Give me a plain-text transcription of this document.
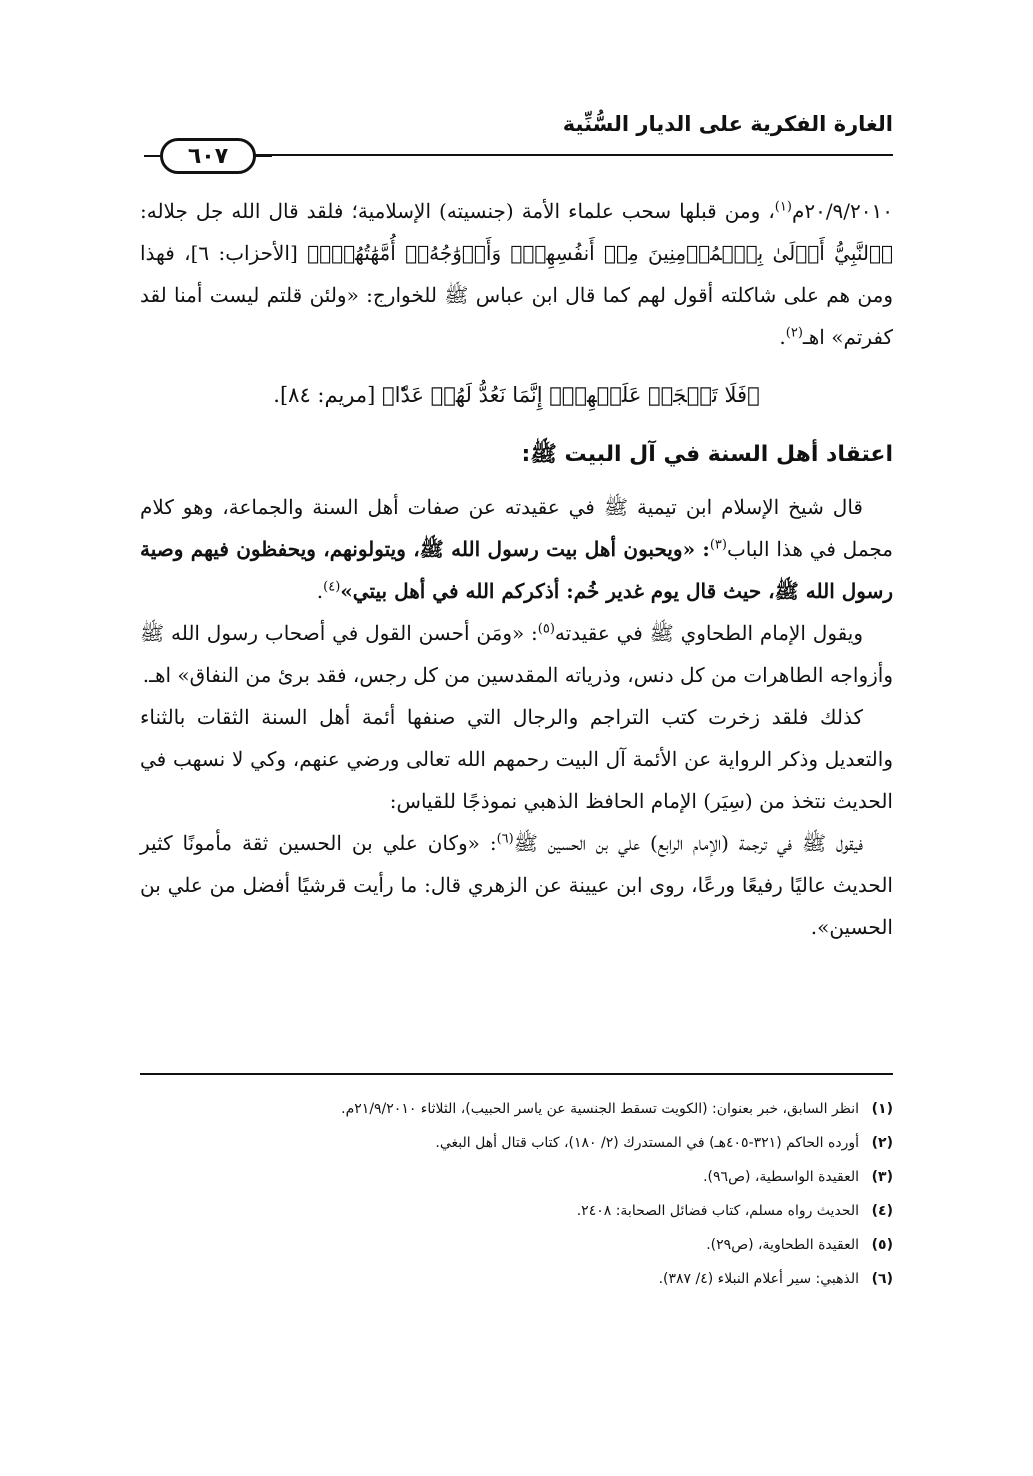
الغارة الفكرية على الديار السُّنِّية
٦٠٧

٢٠/٩/٢٠١٠م$^{(١)}$، ومن قبلها سحب علماء الأمة (جنسيته) الإسلامية؛ فلقد قال الله جل جلاله: ﴿ٱلنَّبِيُّ أَوۡلَىٰ بِٱلۡمُؤۡمِنِينَ مِنۡ أَنفُسِهِمۡۖ وَأَزۡوَٰجُهُۥٓ أُمَّهَٰتُهُمۡۗ﴾ [الأحزاب: ٦]، فهذا ومن هم على شاكلته أقول لهم كما قال ابن عباس ﷺ للخوارج: «ولئن قلتم ليست أمنا لقد كفرتم» اهـ$^{(٢)}$.

﴿فَلَا تَعۡجَلۡ عَلَيۡهِمۡۖ إِنَّمَا نَعُدُّ لَهُمۡ عَدّٗا﴾ [مريم: ٨٤].

اعتقاد أهل السنة في آل البيت ﷺ:

قال شيخ الإسلام ابن تيمية ﷺ في عقيدته عن صفات أهل السنة والجماعة، وهو كلام مجمل في هذا الباب$^{(٣)}$: «ويحبون أهل بيت رسول الله ﷺ، ويتولونهم، ويحفظون فيهم وصية رسول الله ﷺ، حيث قال يوم غدير خُم: أذكركم الله في أهل بيتي»$^{(٤)}$.

ويقول الإمام الطحاوي ﷺ في عقيدته$^{(٥)}$: «ومَن أحسن القول في أصحاب رسول الله ﷺ وأزواجه الطاهرات من كل دنس، وذرياته المقدسين من كل رجس، فقد برئ من النفاق» اهـ.

كذلك فلقد زخرت كتب التراجم والرجال التي صنفها أئمة أهل السنة الثقات بالثناء والتعديل وذكر الرواية عن الأئمة آل البيت رحمهم الله تعالى ورضي عنهم، وكي لا نسهب في الحديث نتخذ من (سِيَر) الإمام الحافظ الذهبي نموذجًا للقياس:

فيقول ﷺ في ترجمة (الإمام الرابع) علي بن الحسين ﷺ$^{(٦)}$: «وكان علي بن الحسين ثقة مأمونًا كثير الحديث عاليًا رفيعًا ورعًا، روى ابن عيينة عن الزهري قال: ما رأيت قرشيًا أفضل من علي بن الحسين».

(١)
انظر السابق، خبر بعنوان: (الكويت تسقط الجنسية عن ياسر الحبيب)، الثلاثاء ٢١/٩/٢٠١٠م.
(٢)
أورده الحاكم (٣٢١-٤٠٥هـ) في المستدرك (٢/ ١٨٠)، كتاب قتال أهل البغي.
(٣)
العقيدة الواسطية، (ص٩٦).
(٤)
الحديث رواه مسلم، كتاب فضائل الصحابة: ٢٤٠٨.
(٥)
العقيدة الطحاوية، (ص٢٩).
(٦)
الذهبي: سير أعلام النبلاء (٤/ ٣٨٧).
